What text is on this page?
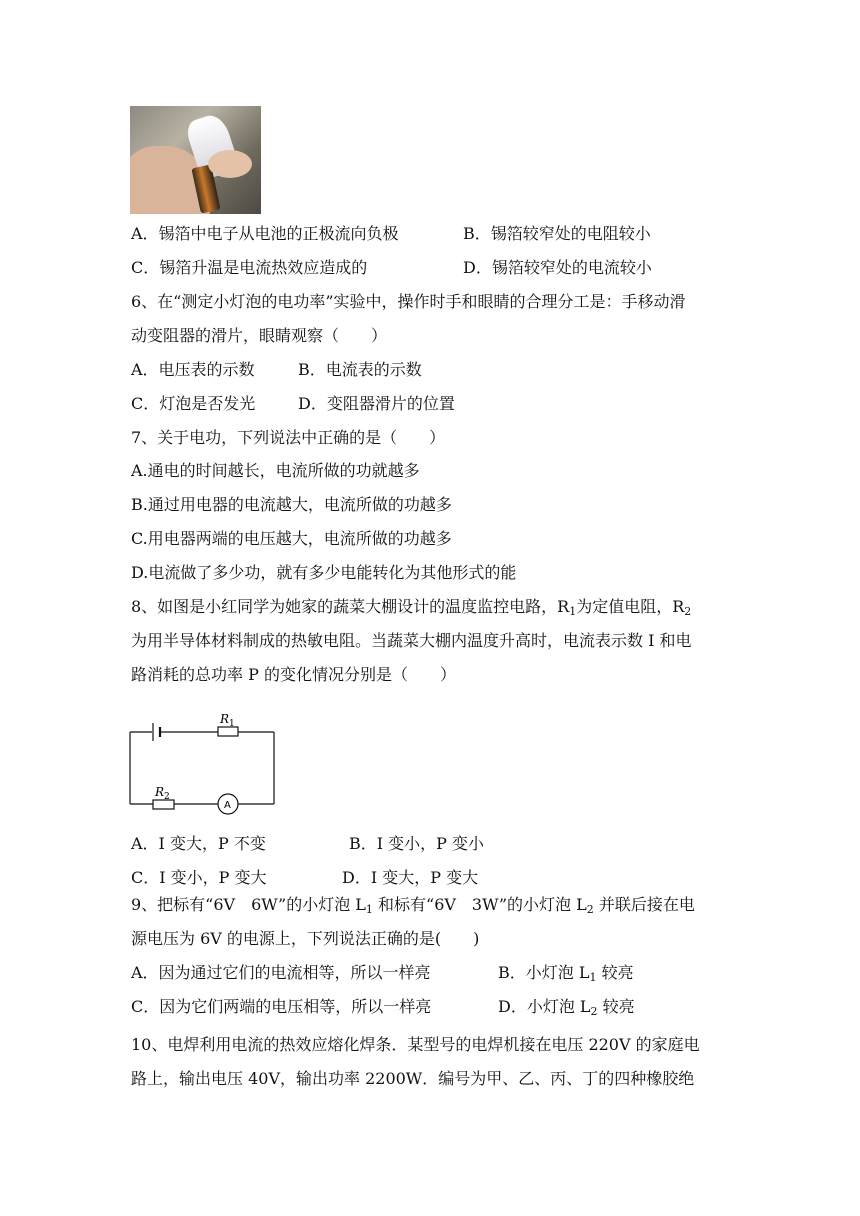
A．锡箔中电子从电池的正极流向负极	B．锡箔较窄处的电阻较小
C．锡箔升温是电流热效应造成的	D．锡箔较窄处的电流较小
6、在“测定小灯泡的电功率”实验中，操作时手和眼睛的合理分工是：手移动滑
动变阻器的滑片，眼睛观察（　　）
A．电压表的示数	B．电流表的示数
C．灯泡是否发光	D．变阻器滑片的位置
7、关于电功，下列说法中正确的是（　　）
A.通电的时间越长，电流所做的功就越多
B.通过用电器的电流越大，电流所做的功越多
C.用电器两端的电压越大，电流所做的功越多
D.电流做了多少功，就有多少电能转化为其他形式的能
8、如图是小红同学为她家的蔬菜大棚设计的温度监控电路，$R_1$为定值电阻，$R_2$
为用半导体材料制成的热敏电阻。当蔬菜大棚内温度升高时，电流表示数 I 和电
路消耗的总功率 P 的变化情况分别是（　　）
$R_1$
$R_2$
A
A．I 变大，P 不变	B．I 变小，P 变小
C．I 变小，P 变大	D．I 变大，P 变大
9、把标有“6V　6W”的小灯泡 $L_1$ 和标有“6V　3W”的小灯泡 $L_2$ 并联后接在电
源电压为 6V 的电源上，下列说法正确的是(　　)
A．因为通过它们的电流相等，所以一样亮	B．小灯泡 $L_1$ 较亮
C．因为它们两端的电压相等，所以一样亮	D．小灯泡 $L_2$ 较亮
10、电焊利用电流的热效应熔化焊条．某型号的电焊机接在电压 220V 的家庭电
路上，输出电压 40V，输出功率 2200W．编号为甲、乙、丙、丁的四种橡胶绝
